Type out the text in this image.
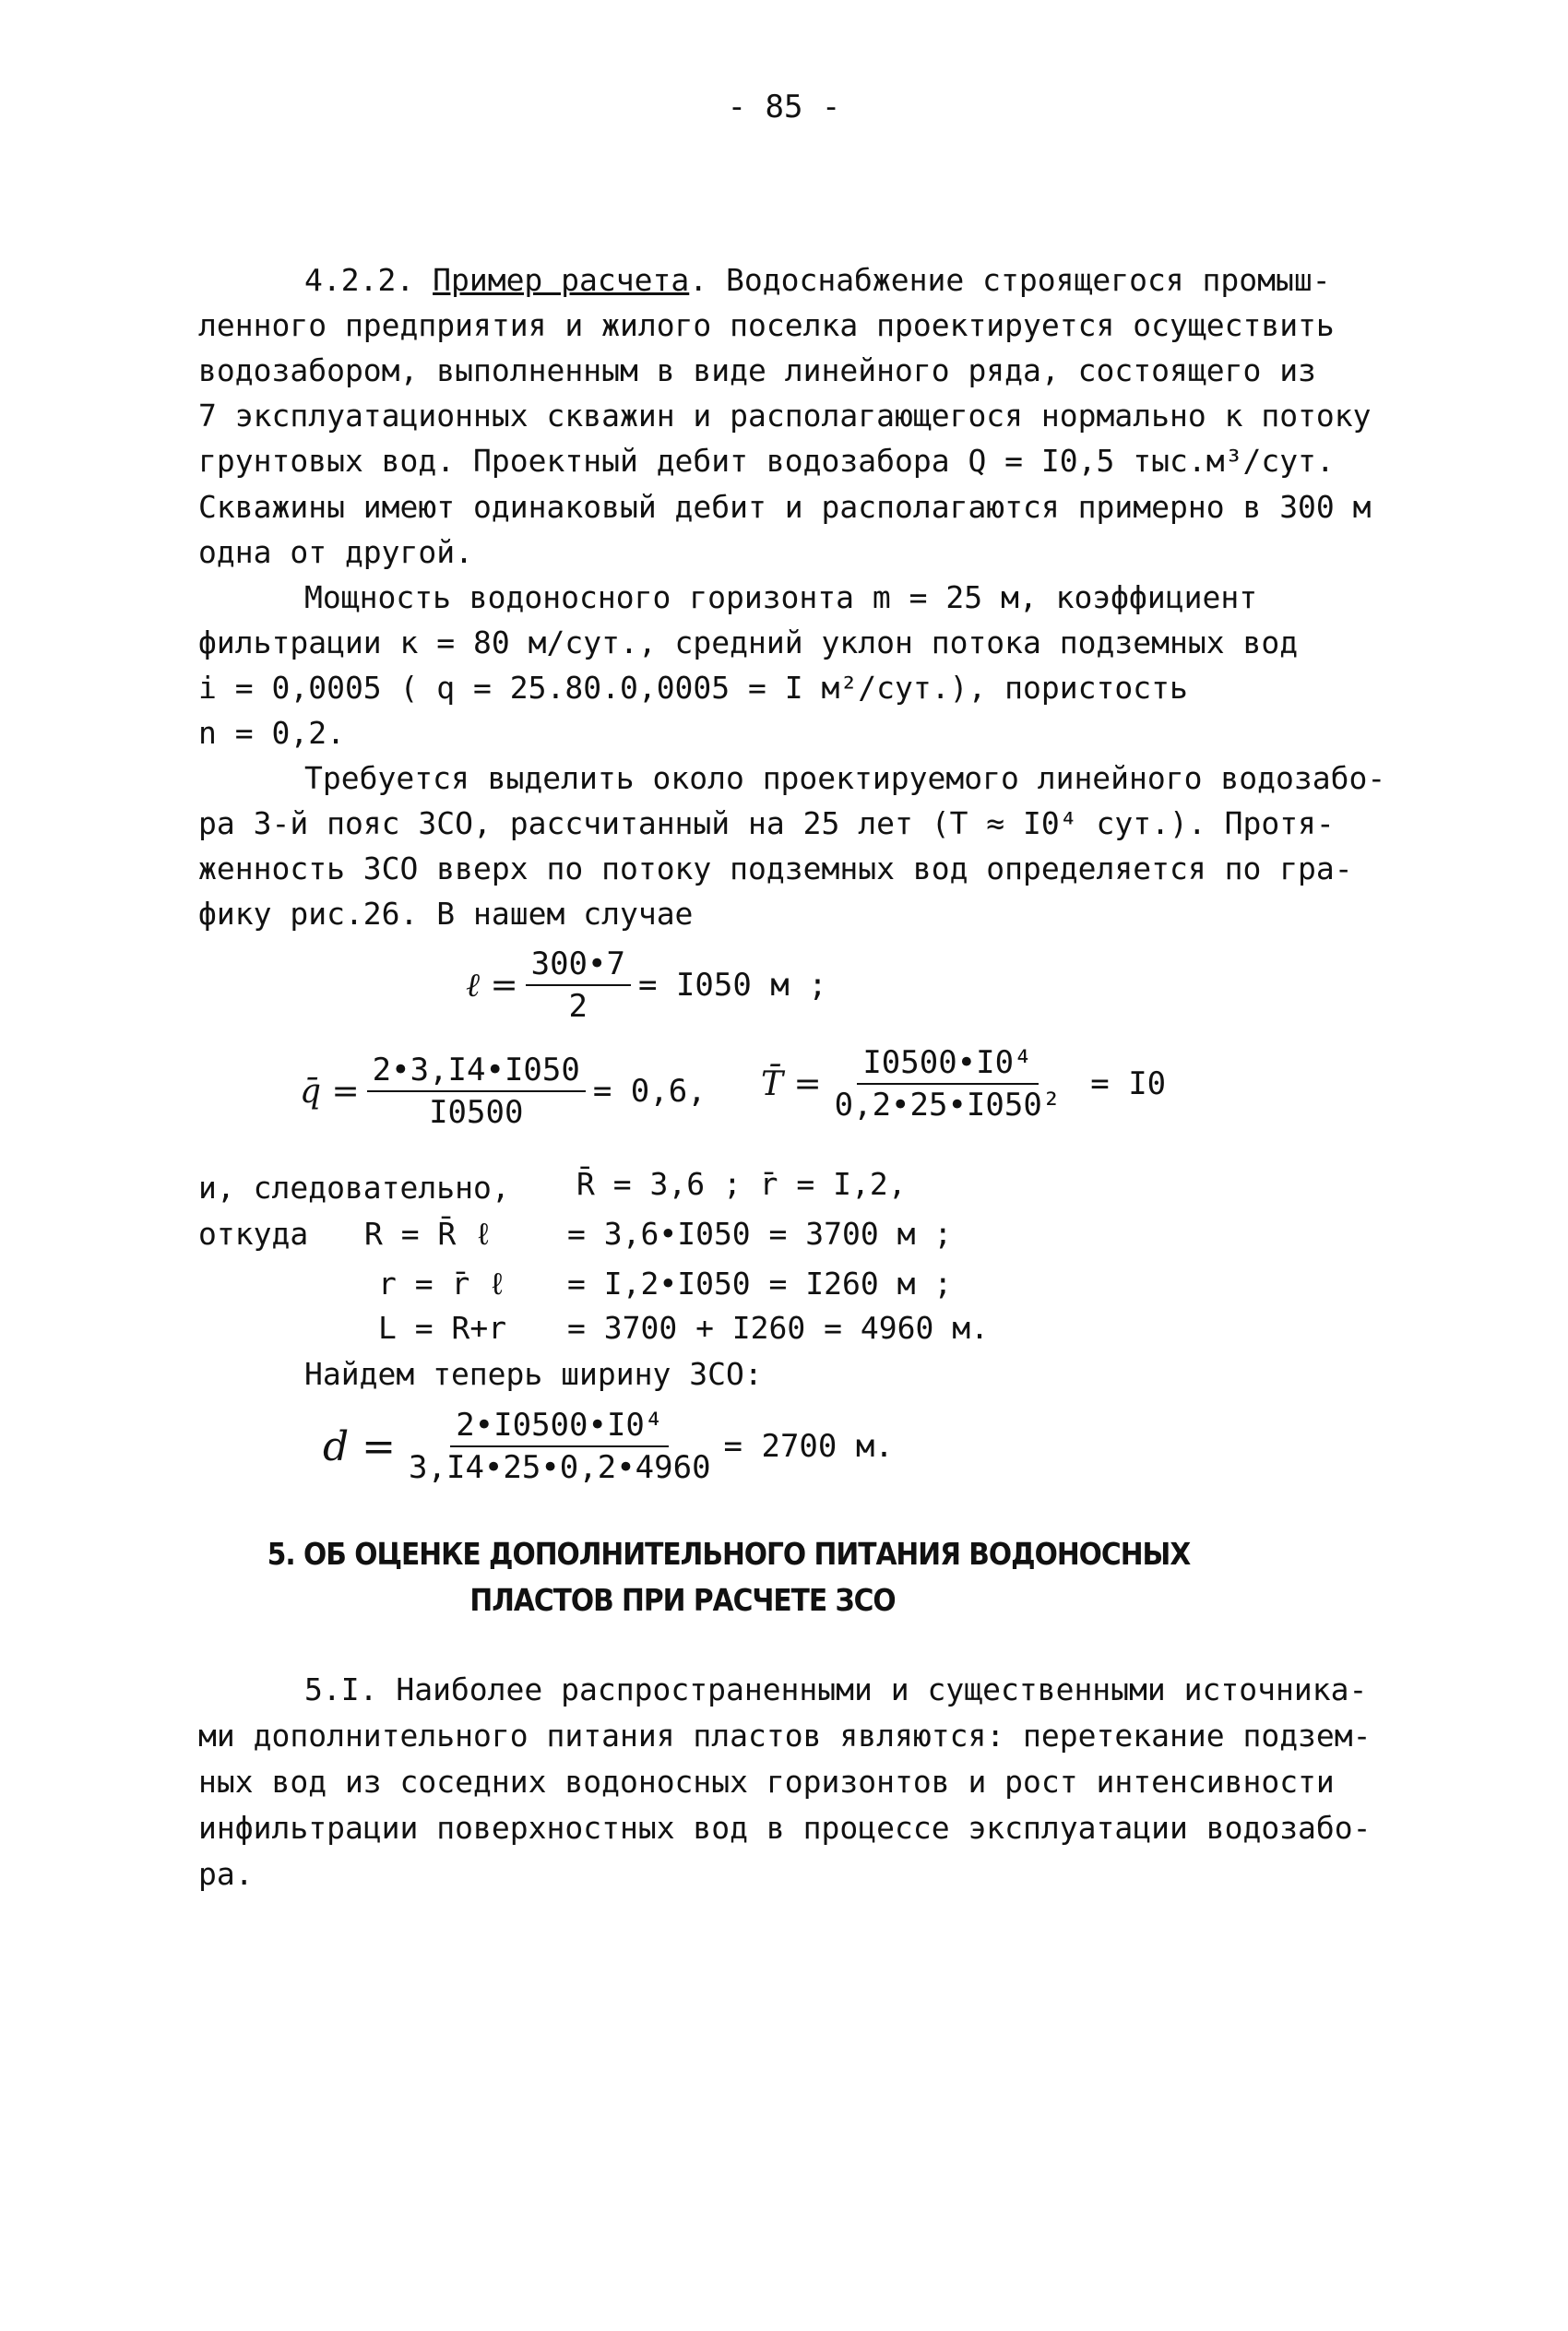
- 85 -
4.2.2. Пример расчета. Водоснабжение строящегося промыш-
ленного предприятия и жилого поселка проектируется осуществить
водозабором, выполненным в виде линейного ряда, состоящего из
7 эксплуатационных скважин и располагающегося нормально к потоку
грунтовых вод. Проектный дебит водозабора Q = I0,5 тыс.м³/сут.
Скважины имеют одинаковый дебит и располагаются примерно в 300 м
одна от другой.
Мощность водоносного горизонта m = 25 м, коэффициент
фильтрации к = 80 м/сут., средний уклон потока подземных вод
i = 0,0005 ( q = 25.80.0,0005 = I м²/сут.), пористость
n = 0,2.
Требуется выделить около проектируемого линейного водозабо-
ра 3-й пояс ЗСО, рассчитанный на 25 лет (Т ≈ I0⁴ сут.). Протя-
женность ЗСО вверх по потоку подземных вод определяется по гра-
фику рис.26. В нашем случае
ℓ = $\frac{300•7}{2} = I050$ м ;
q̄ = $\frac{2•3,I4•I050}{I0500} = 0,6$, T̄ = $\frac{\text{I0500•I0⁴}}{\text{0,2•25•I050²}} = I0$
и, следовательно, R̄ = 3,6 ; r̄ = I,2,
откуда R = R̄ ℓ = 3,6•I050 = 3700 м ;
r = r̄ ℓ = I,2•I050 = I260 м ;
L = R+r = 3700 + I260 = 4960 м.
Найдем теперь ширину ЗСО:
$d = \frac{\text{2•I0500•I0⁴}}{3,I4•25•0,2•4960} = 2700$ м.
5. ОБ ОЦЕНКЕ ДОПОЛНИТЕЛЬНОГО ПИТАНИЯ ВОДОНОСНЫХ
ПЛАСТОВ ПРИ РАСЧЕТЕ ЗСО
5.I. Наиболее распространенными и существенными источника-
ми дополнительного питания пластов являются: перетекание подзем-
ных вод из соседних водоносных горизонтов и рост интенсивности
инфильтрации поверхностных вод в процессе эксплуатации водозабо-
ра.
